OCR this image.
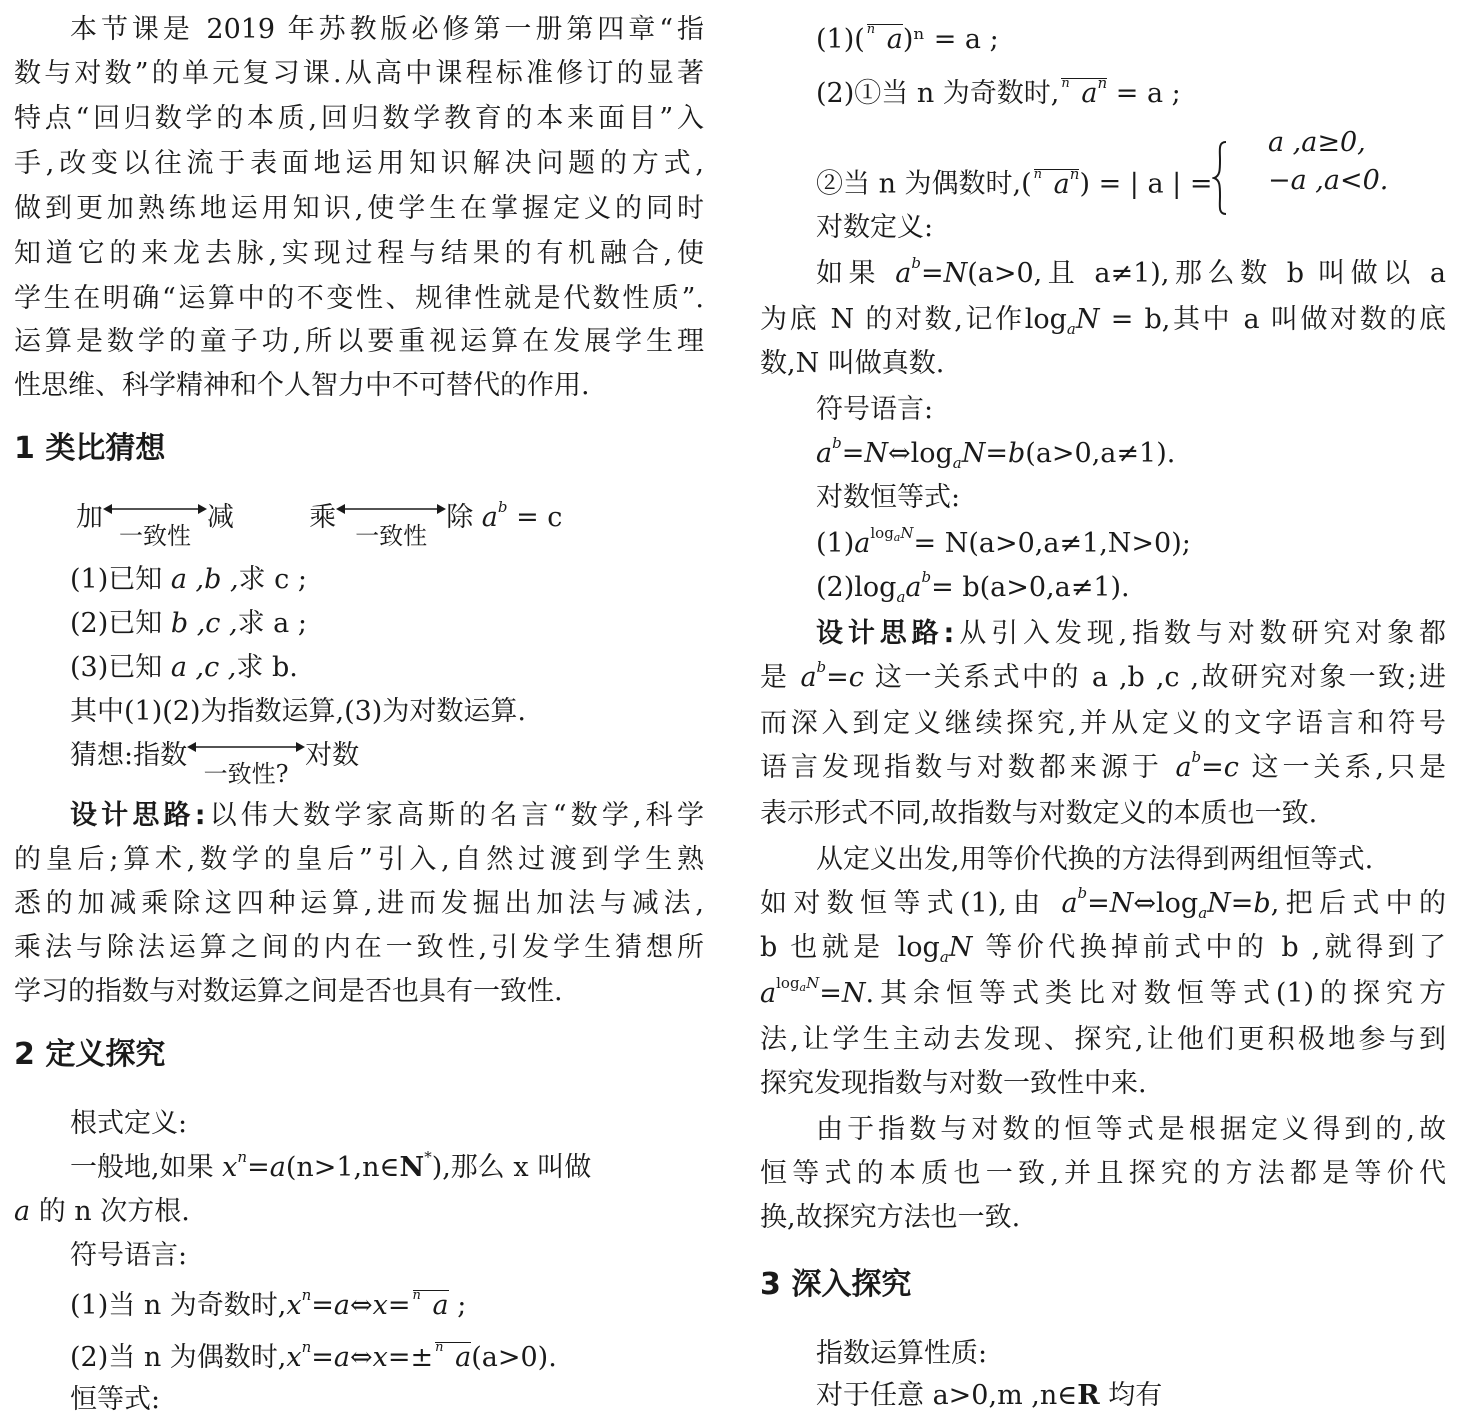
本节课是 2019 年苏教版必修第一册第四章“指
数与对数”的单元复习课.从高中课程标准修订的显著
特点“回归数学的本质,回归数学教育的本来面目”入
手,改变以往流于表面地运用知识解决问题的方式,
做到更加熟练地运用知识,使学生在掌握定义的同时
知道它的来龙去脉,实现过程与结果的有机融合,使
学生在明确“运算中的不变性、规律性就是代数性质”.
运算是数学的童子功,所以要重视运算在发展学生理
性思维、科学精神和个人智力中不可替代的作用.
1 类比猜想
加
一致性
减	乘
一致性
除 $a^b = c$
(1)已知 a ,b ,求 c ;
(2)已知 b ,c ,求 a ;
(3)已知 a ,c ,求 b.
其中(1)(2)为指数运算,(3)为对数运算.
猜想:指数
一致性?
对数
设计思路:以伟大数学家高斯的名言“数学,科学
的皇后;算术,数学的皇后”引入,自然过渡到学生熟
悉的加减乘除这四种运算,进而发掘出加法与减法,
乘法与除法运算之间的内在一致性,引发学生猜想所
学习的指数与对数运算之间是否也具有一致性.
2 定义探究
根式定义:
一般地,如果 $x^n=a(n>1,n\in N^*)$,那么 x 叫做
a 的 n 次方根.
符号语言:
(1)当 n 为奇数时$,x^n=a\Leftrightarrow x= n$ a ;
(2)当 n 为偶数时$,x^n=a\Leftrightarrow x=\pm n$ a(a>0).
恒等式:
(1)( n a)ⁿ = a ;
(2)①当 n 为奇数时, n $a^n = a$ ;
②当 n 为偶数时,( n $a^n$) = | a | =
a ,a≥0,
−a ,a<0.
对数定义:
如果 $a^b=N(a>0$,且 a≠1),那么数 b 叫做以 a
为底 N 的对数,记作$\log_aN = b$,其中 a 叫做对数的底
数,N 叫做真数.
符号语言:
$a^b=N\Leftrightarrow\log_aN=b(a>0,a\ne 1)$.
对数恒等式:
$(1)a^{log_aN}= N(a>0,a\ne 1,N>0)$;
$(2)\log_aa^b= b(a>0,a\ne 1)$.
设计思路:从引入发现,指数与对数研究对象都
是 $a^b=c$ 这一关系式中的 a ,b ,c ,故研究对象一致;进
而深入到定义继续探究,并从定义的文字语言和符号
语言发现指数与对数都来源于 $a^b=c$ 这一关系,只是
表示形式不同,故指数与对数定义的本质也一致.
从定义出发,用等价代换的方法得到两组恒等式.
如对数恒等式(1),由 $a^b=N\Leftrightarrow\log_aN=b$,把后式中的
b 也就是 $\log_aN$ 等价代换掉前式中的 b ,就得到了
$a^{log_aN}=N$.其余恒等式类比对数恒等式(1)的探究方
法,让学生主动去发现、探究,让他们更积极地参与到
探究发现指数与对数一致性中来.
由于指数与对数的恒等式是根据定义得到的,故
恒等式的本质也一致,并且探究的方法都是等价代
换,故探究方法也一致.
3 深入探究
指数运算性质:
对于任意 a>0,m ,n∈R 均有
